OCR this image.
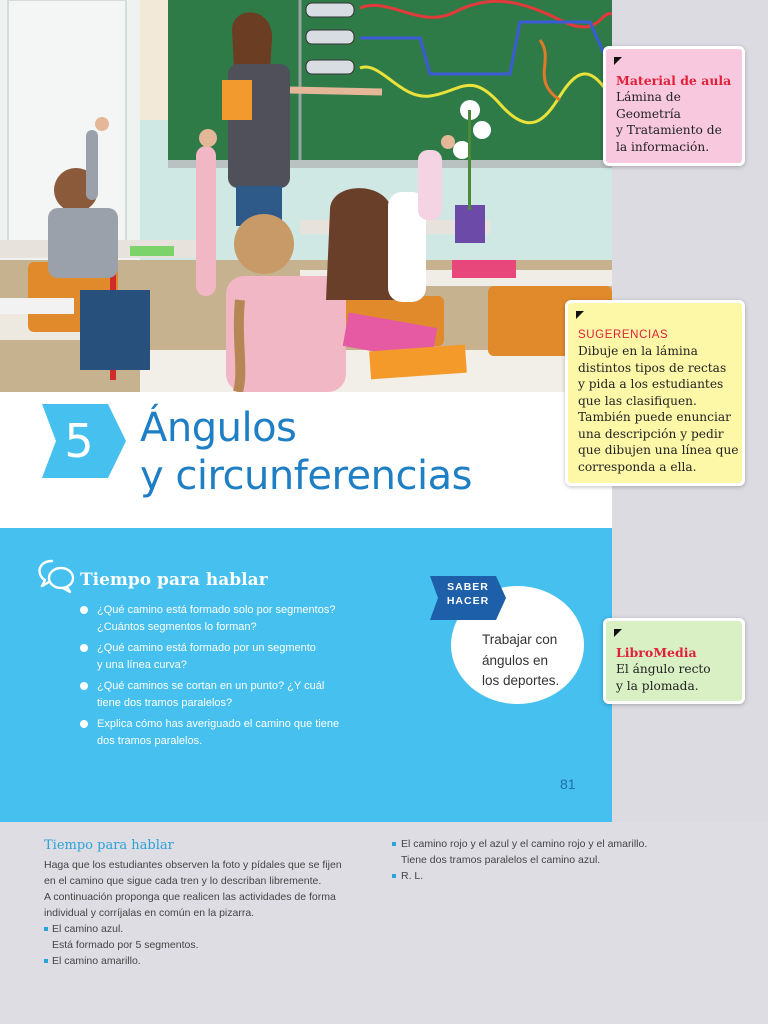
5	Ángulos
y circunferencias
Tiempo para hablar
¿Qué camino está formado solo por segmentos?
¿Cuántos segmentos lo forman?
¿Qué camino está formado por un segmento
y una línea curva?
¿Qué caminos se cortan en un punto? ¿Y cuál
tiene dos tramos paralelos?
Explica cómo has averiguado el camino que tiene
dos tramos paralelos.
SABER
HACER
Trabajar con
ángulos en
los deportes.
81
Material de aula
Lámina de
Geometría
y Tratamiento de
la información.
SUGERENCIAS
Dibuje en la lámina
distintos tipos de rectas
y pida a los estudiantes
que las clasifiquen.
También puede enunciar
una descripción y pedir
que dibujen una línea que
corresponda a ella.
LibroMedia
El ángulo recto
y la plomada.
Tiempo para hablar
Haga que los estudiantes observen la foto y pídales que se fijen
en el camino que sigue cada tren y lo describan libremente.
A continuación proponga que realicen las actividades de forma
individual y corríjalas en común en la pizarra.
El camino azul.
Está formado por 5 segmentos.
El camino amarillo.
El camino rojo y el azul y el camino rojo y el amarillo.
Tiene dos tramos paralelos el camino azul.
R. L.
